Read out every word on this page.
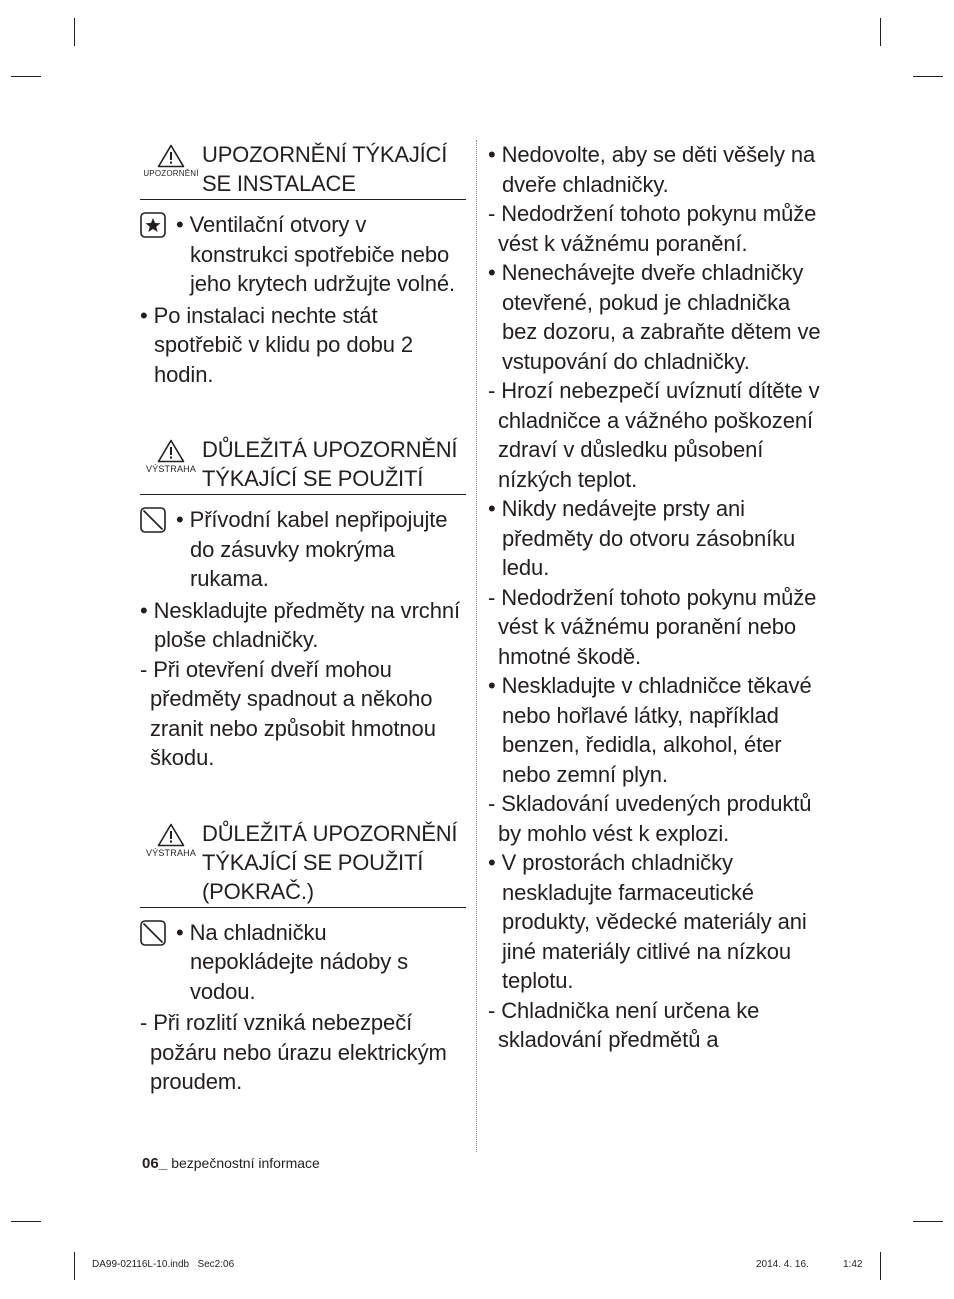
UPOZORNĚNÍ
UPOZORNĚNÍ TÝKAJÍCÍ
SE INSTALACE
• Ventilační otvory v
konstrukci spotřebiče nebo jeho krytech udržujte volné.
• Po instalaci nechte stát spotřebič v klidu po dobu 2 hodin.
VÝSTRAHA
DŮLEŽITÁ UPOZORNĚNÍ
TÝKAJÍCÍ SE POUŽITÍ
• Přívodní kabel nepřipojujte
do zásuvky mokrýma rukama.
• Neskladujte předměty na vrchní ploše chladničky.
- Při otevření dveří mohou předměty spadnout a někoho zranit nebo způsobit hmotnou škodu.
VÝSTRAHA
DŮLEŽITÁ UPOZORNĚNÍ
TÝKAJÍCÍ SE POUŽITÍ
(POKRAČ.)
• Na chladničku
nepokládejte nádoby s vodou.
- Při rozlití vzniká nebezpečí požáru nebo úrazu elektrickým proudem.
• Nedovolte, aby se děti věšely na dveře chladničky.
- Nedodržení tohoto pokynu může vést k vážnému poranění.
• Nenechávejte dveře chladničky otevřené, pokud je chladnička bez dozoru, a zabraňte dětem ve vstupování do chladničky.
- Hrozí nebezpečí uvíznutí dítěte v chladničce a vážného poškození zdraví v důsledku působení nízkých teplot.
• Nikdy nedávejte prsty ani předměty do otvoru zásobníku ledu.
- Nedodržení tohoto pokynu může vést k vážnému poranění nebo hmotné škodě.
• Neskladujte v chladničce těkavé nebo hořlavé látky, například benzen, ředidla, alkohol, éter nebo zemní plyn.
- Skladování uvedených produktů by mohlo vést k explozi.
• V prostorách chladničky neskladujte farmaceutické produkty, vědecké materiály ani jiné materiály citlivé na nízkou teplotu.
- Chladnička není určena ke skladování předmětů a
06_ bezpečnostní informace
DA99-02116L-10.indb   Sec2:06	2014. 4. 16.	1:42
